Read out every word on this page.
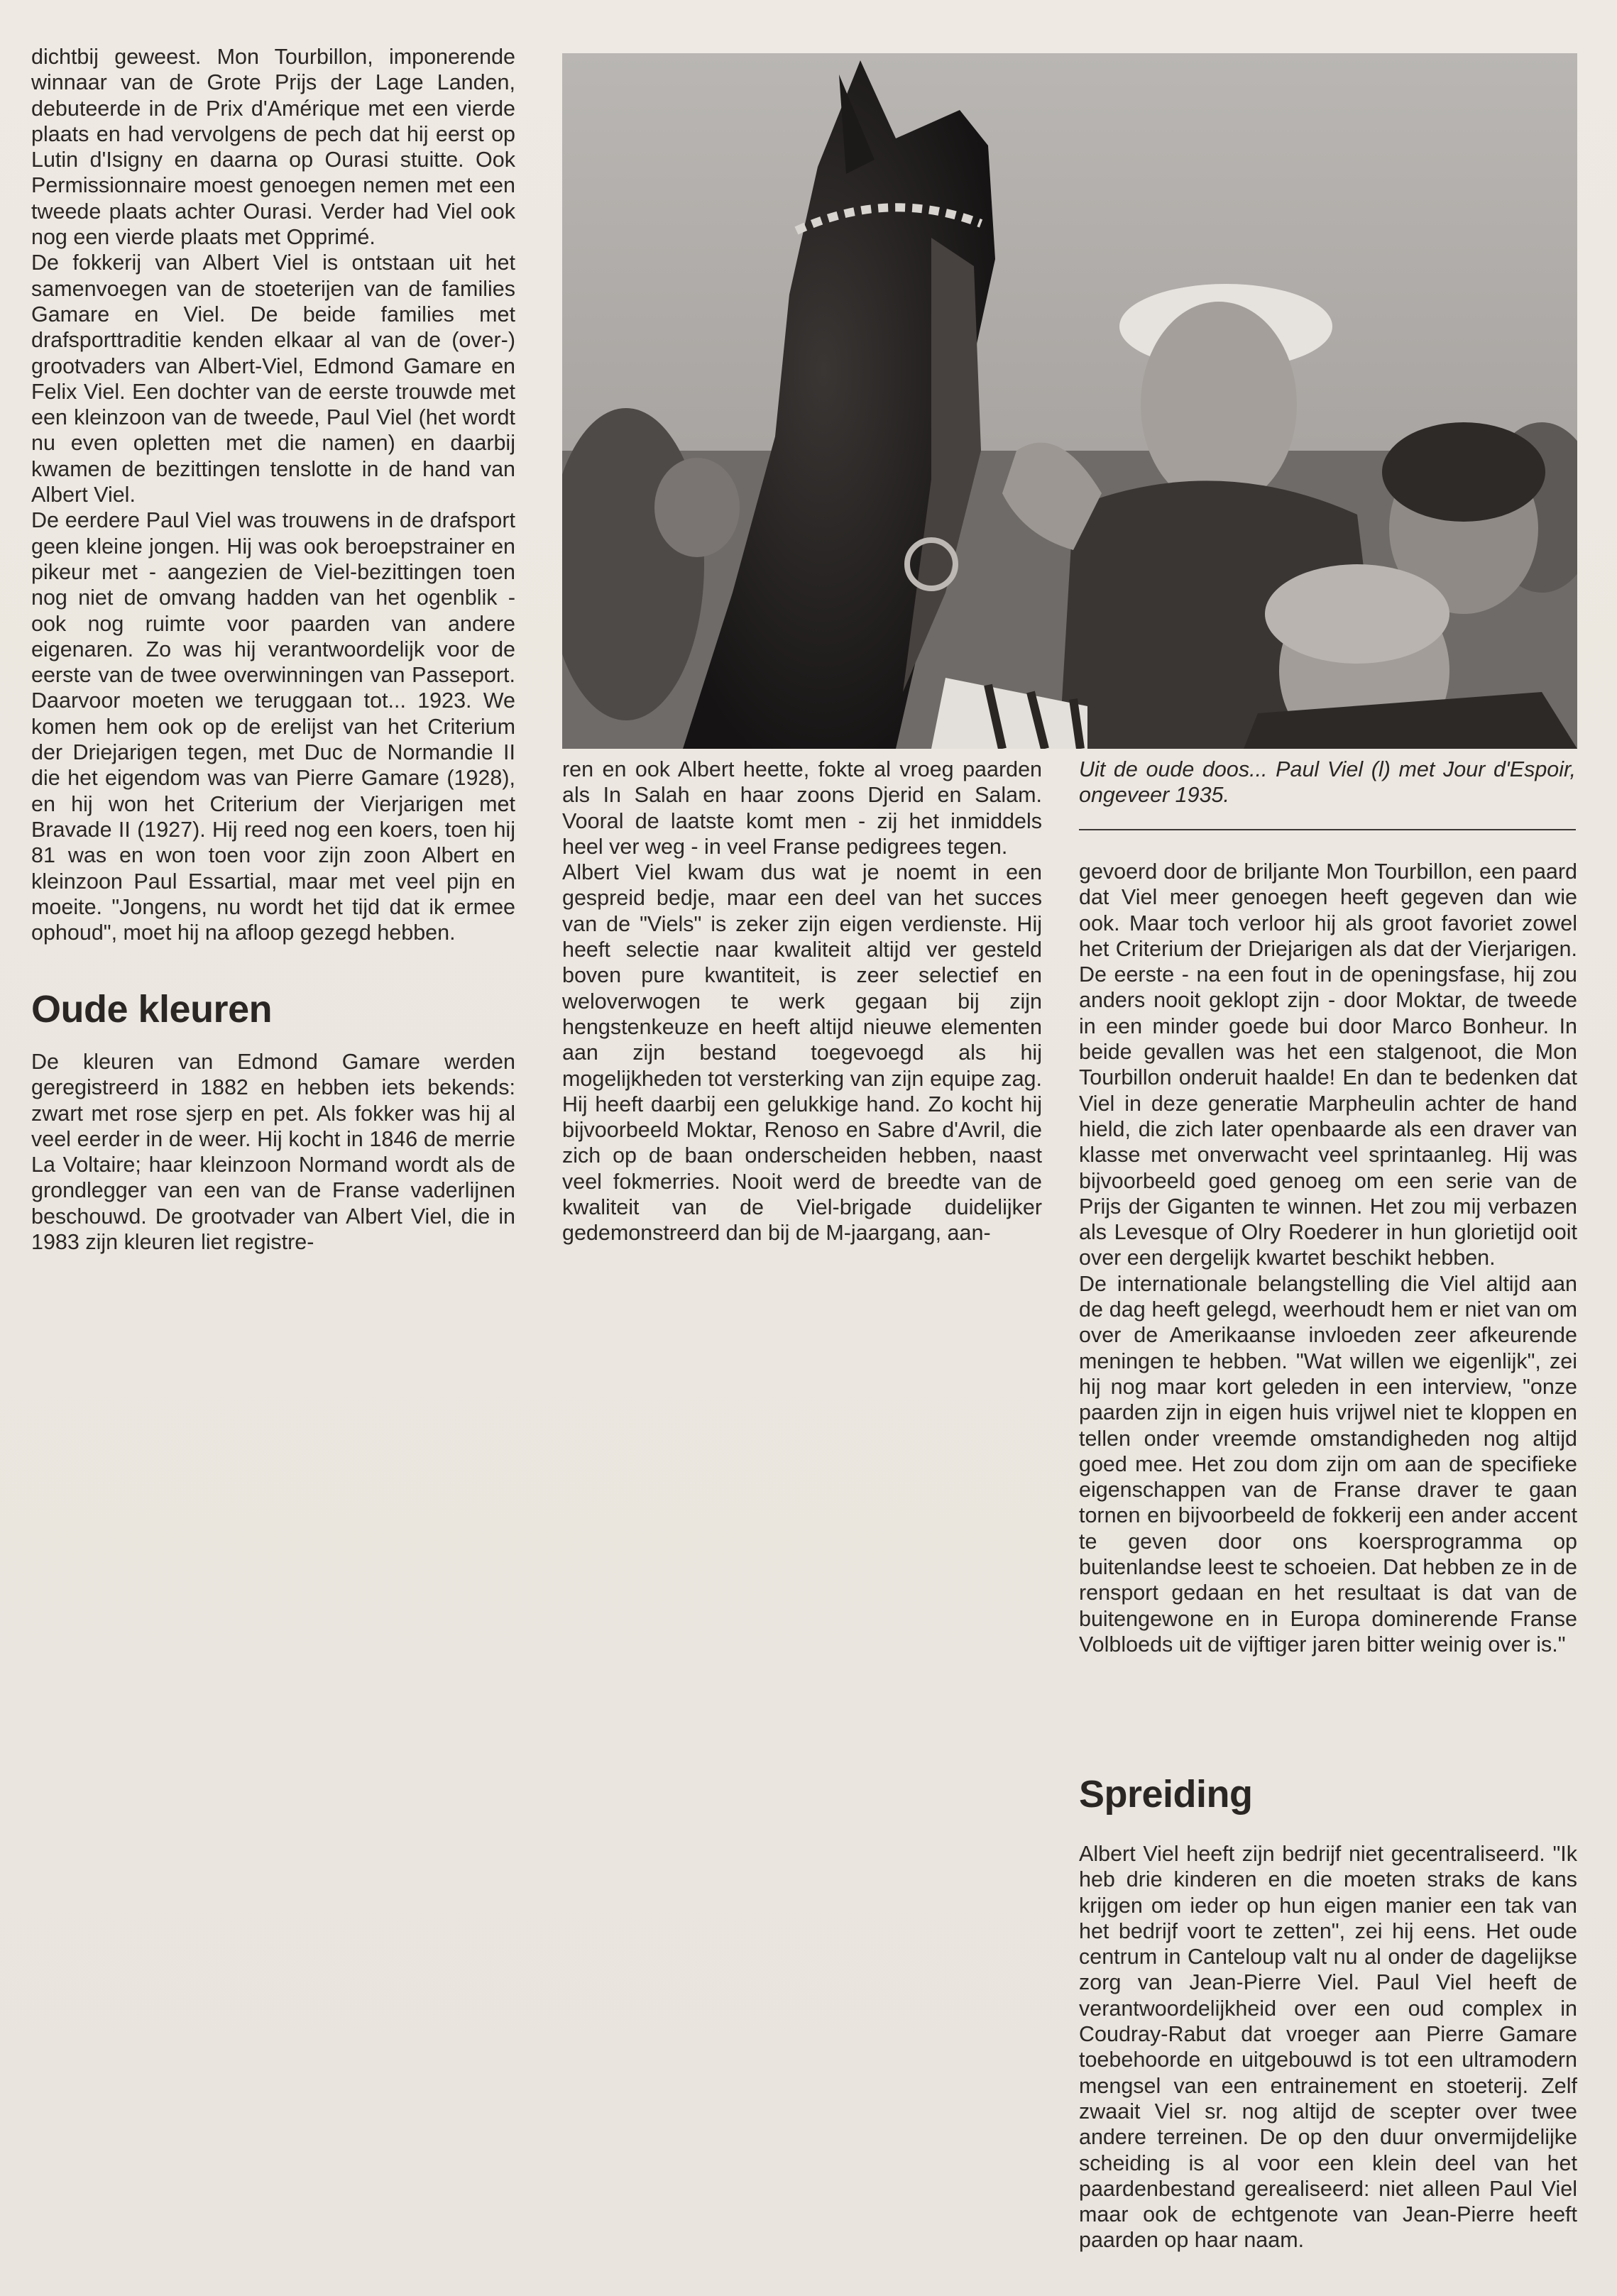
dichtbij geweest. Mon Tourbillon, imponerende winnaar van de Grote Prijs der Lage Landen, debuteerde in de Prix d'Amérique met een vierde plaats en had vervolgens de pech dat hij eerst op Lutin d'Isigny en daarna op Ourasi stuitte. Ook Permissionnaire moest genoegen nemen met een tweede plaats achter Ourasi. Verder had Viel ook nog een vierde plaats met Opprimé.

De fokkerij van Albert Viel is ontstaan uit het samenvoegen van de stoeterijen van de families Gamare en Viel. De beide families met drafsporttraditie kenden elkaar al van de (over-) grootvaders van Albert-Viel, Edmond Gamare en Felix Viel. Een dochter van de eerste trouwde met een kleinzoon van de tweede, Paul Viel (het wordt nu even opletten met die namen) en daarbij kwamen de bezittingen tenslotte in de hand van Albert Viel.

De eerdere Paul Viel was trouwens in de drafsport geen kleine jongen. Hij was ook beroepstrainer en pikeur met - aangezien de Viel-bezittingen toen nog niet de omvang hadden van het ogenblik - ook nog ruimte voor paarden van andere eigenaren. Zo was hij verantwoordelijk voor de eerste van de twee overwinningen van Passeport. Daarvoor moeten we teruggaan tot... 1923. We komen hem ook op de erelijst van het Criterium der Driejarigen tegen, met Duc de Normandie II die het eigendom was van Pierre Gamare (1928), en hij won het Criterium der Vierjarigen met Bravade II (1927). Hij reed nog een koers, toen hij 81 was en won toen voor zijn zoon Albert en kleinzoon Paul Essartial, maar met veel pijn en moeite. "Jongens, nu wordt het tijd dat ik ermee ophoud", moet hij na afloop gezegd hebben.

Oude kleuren

De kleuren van Edmond Gamare werden geregistreerd in 1882 en hebben iets bekends: zwart met rose sjerp en pet. Als fokker was hij al veel eerder in de weer. Hij kocht in 1846 de merrie La Voltaire; haar kleinzoon Normand wordt als de grondlegger van een van de Franse vaderlijnen beschouwd. De grootvader van Albert Viel, die in 1983 zijn kleuren liet registre-

ren en ook Albert heette, fokte al vroeg paarden als In Salah en haar zoons Djerid en Salam. Vooral de laatste komt men - zij het inmiddels heel ver weg - in veel Franse pedigrees tegen.

Albert Viel kwam dus wat je noemt in een gespreid bedje, maar een deel van het succes van de "Viels" is zeker zijn eigen verdienste. Hij heeft selectie naar kwaliteit altijd ver gesteld boven pure kwantiteit, is zeer selectief en weloverwogen te werk gegaan bij zijn hengstenkeuze en heeft altijd nieuwe elementen aan zijn bestand toegevoegd als hij mogelijkheden tot versterking van zijn equipe zag. Hij heeft daarbij een gelukkige hand. Zo kocht hij bijvoorbeeld Moktar, Renoso en Sabre d'Avril, die zich op de baan onderscheiden hebben, naast veel fokmerries. Nooit werd de breedte van de kwaliteit van de Viel-brigade duidelijker gedemonstreerd dan bij de M-jaargang, aan-

Uit de oude doos... Paul Viel (l) met Jour d'Espoir, ongeveer 1935.

gevoerd door de briljante Mon Tourbillon, een paard dat Viel meer genoegen heeft gegeven dan wie ook. Maar toch verloor hij als groot favoriet zowel het Criterium der Driejarigen als dat der Vierjarigen. De eerste - na een fout in de openingsfase, hij zou anders nooit geklopt zijn - door Moktar, de tweede in een minder goede bui door Marco Bonheur. In beide gevallen was het een stalgenoot, die Mon Tourbillon onderuit haalde! En dan te bedenken dat Viel in deze generatie Marpheulin achter de hand hield, die zich later openbaarde als een draver van klasse met onverwacht veel sprintaanleg. Hij was bijvoorbeeld goed genoeg om een serie van de Prijs der Giganten te winnen. Het zou mij verbazen als Levesque of Olry Roederer in hun glorietijd ooit over een dergelijk kwartet beschikt hebben.

De internationale belangstelling die Viel altijd aan de dag heeft gelegd, weerhoudt hem er niet van om over de Amerikaanse invloeden zeer afkeurende meningen te hebben. "Wat willen we eigenlijk", zei hij nog maar kort geleden in een interview, "onze paarden zijn in eigen huis vrijwel niet te kloppen en tellen onder vreemde omstandigheden nog altijd goed mee. Het zou dom zijn om aan de specifieke eigenschappen van de Franse draver te gaan tornen en bijvoorbeeld de fokkerij een ander accent te geven door ons koersprogramma op buitenlandse leest te schoeien. Dat hebben ze in de rensport gedaan en het resultaat is dat van de buitengewone en in Europa dominerende Franse Volbloeds uit de vijftiger jaren bitter weinig over is."

Spreiding

Albert Viel heeft zijn bedrijf niet gecentraliseerd. "Ik heb drie kinderen en die moeten straks de kans krijgen om ieder op hun eigen manier een tak van het bedrijf voort te zetten", zei hij eens. Het oude centrum in Canteloup valt nu al onder de dagelijkse zorg van Jean-Pierre Viel. Paul Viel heeft de verantwoordelijkheid over een oud complex in Coudray-Rabut dat vroeger aan Pierre Gamare toebehoorde en uitgebouwd is tot een ultramodern mengsel van een entrainement en stoeterij. Zelf zwaait Viel sr. nog altijd de scepter over twee andere terreinen. De op den duur onvermijdelijke scheiding is al voor een klein deel van het paardenbestand gerealiseerd: niet alleen Paul Viel maar ook de echtgenote van Jean-Pierre heeft paarden op haar naam.
